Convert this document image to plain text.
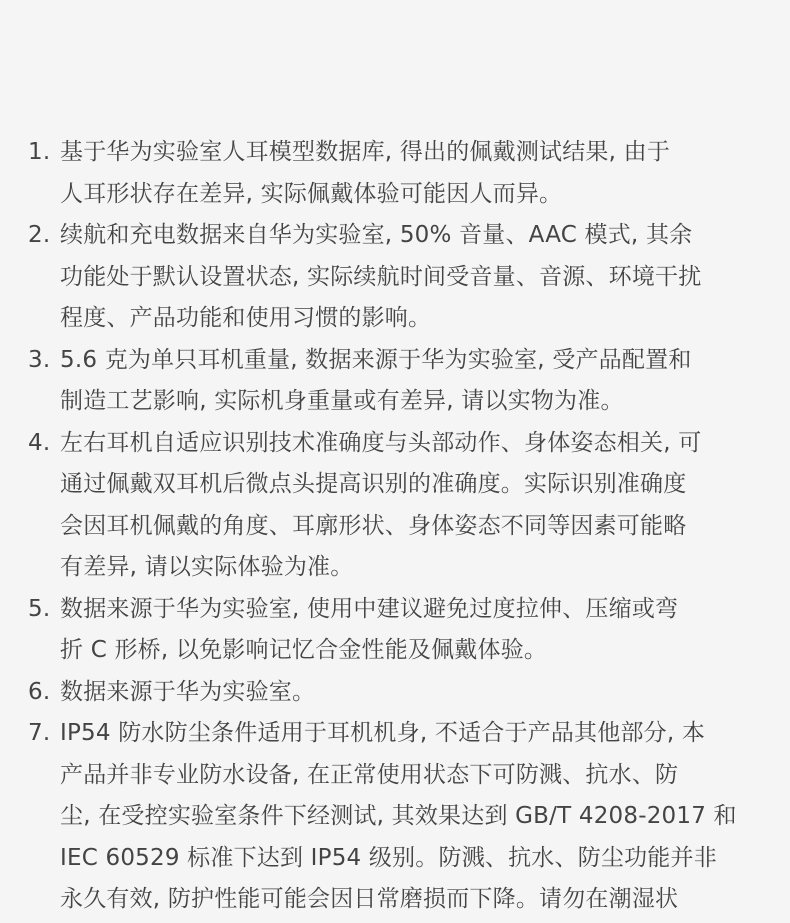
1. 基于华为实验室人耳模型数据库, 得出的佩戴测试结果, 由于
人耳形状存在差异, 实际佩戴体验可能因人而异。
2. 续航和充电数据来自华为实验室, 50% 音量、AAC 模式, 其余
功能处于默认设置状态, 实际续航时间受音量、音源、环境干扰
程度、产品功能和使用习惯的影响。
3. 5.6 克为单只耳机重量, 数据来源于华为实验室, 受产品配置和
制造工艺影响, 实际机身重量或有差异, 请以实物为准。
4. 左右耳机自适应识别技术准确度与头部动作、身体姿态相关, 可
通过佩戴双耳机后微点头提高识别的准确度。实际识别准确度
会因耳机佩戴的角度、耳廓形状、身体姿态不同等因素可能略
有差异, 请以实际体验为准。
5. 数据来源于华为实验室, 使用中建议避免过度拉伸、压缩或弯
折 C 形桥, 以免影响记忆合金性能及佩戴体验。
6. 数据来源于华为实验室。
7. IP54 防水防尘条件适用于耳机机身, 不适合于产品其他部分, 本
产品并非专业防水设备, 在正常使用状态下可防溅、抗水、防
尘, 在受控实验室条件下经测试, 其效果达到 GB/T 4208-2017 和
IEC 60529 标准下达到 IP54 级别。防溅、抗水、防尘功能并非
永久有效, 防护性能可能会因日常磨损而下降。请勿在潮湿状
